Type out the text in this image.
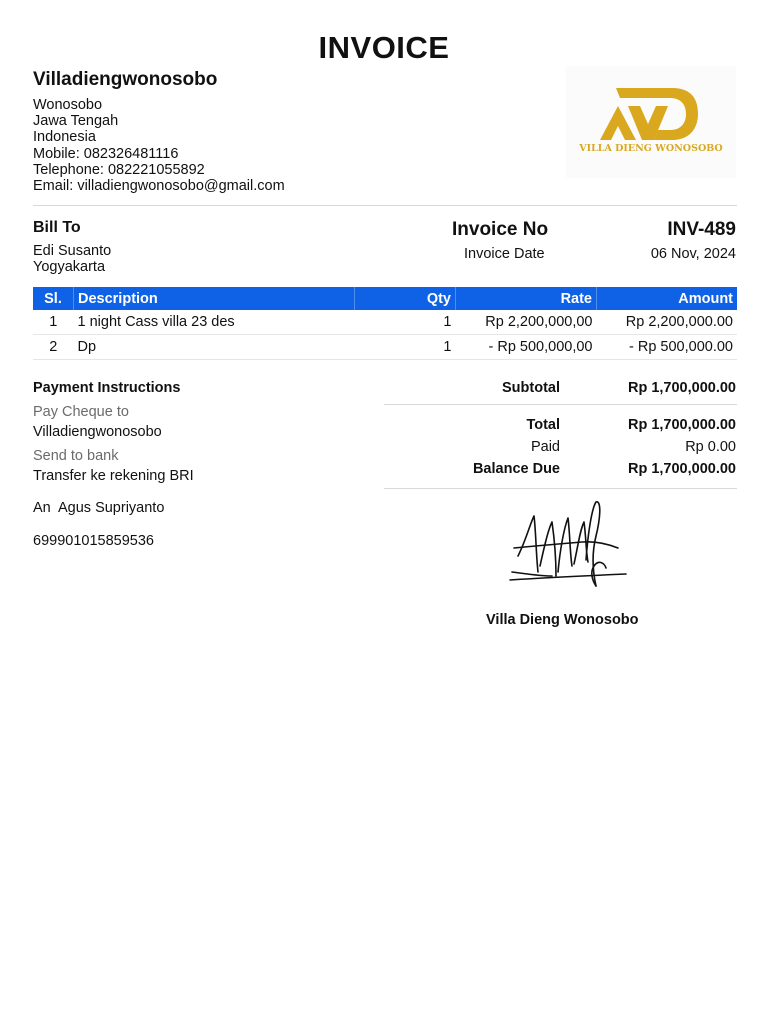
INVOICE
Villadiengwonosobo
Wonosobo
Jawa Tengah
Indonesia
Mobile: 082326481116
Telephone: 082221055892
Email: villadiengwonosobo@gmail.com
VILLA DIENG WONOSOBO
Bill To
Edi Susanto
Yogyakarta
Invoice No	INV-489
Invoice Date	06 Nov, 2024
Sl.	Description	Qty	Rate	Amount
1	1 night Cass villa 23 des	1	Rp 2,200,000,00	Rp 2,200,000.00
2	Dp	1	- Rp 500,000,00	- Rp 500,000.00
Payment Instructions
Pay Cheque to
Villadiengwonosobo
Send to bank
Transfer ke rekening BRI
An  Agus Supriyanto
699901015859536
Subtotal	Rp 1,700,000.00
Total	Rp 1,700,000.00
Paid	Rp 0.00
Balance Due	Rp 1,700,000.00
Villa Dieng Wonosobo
